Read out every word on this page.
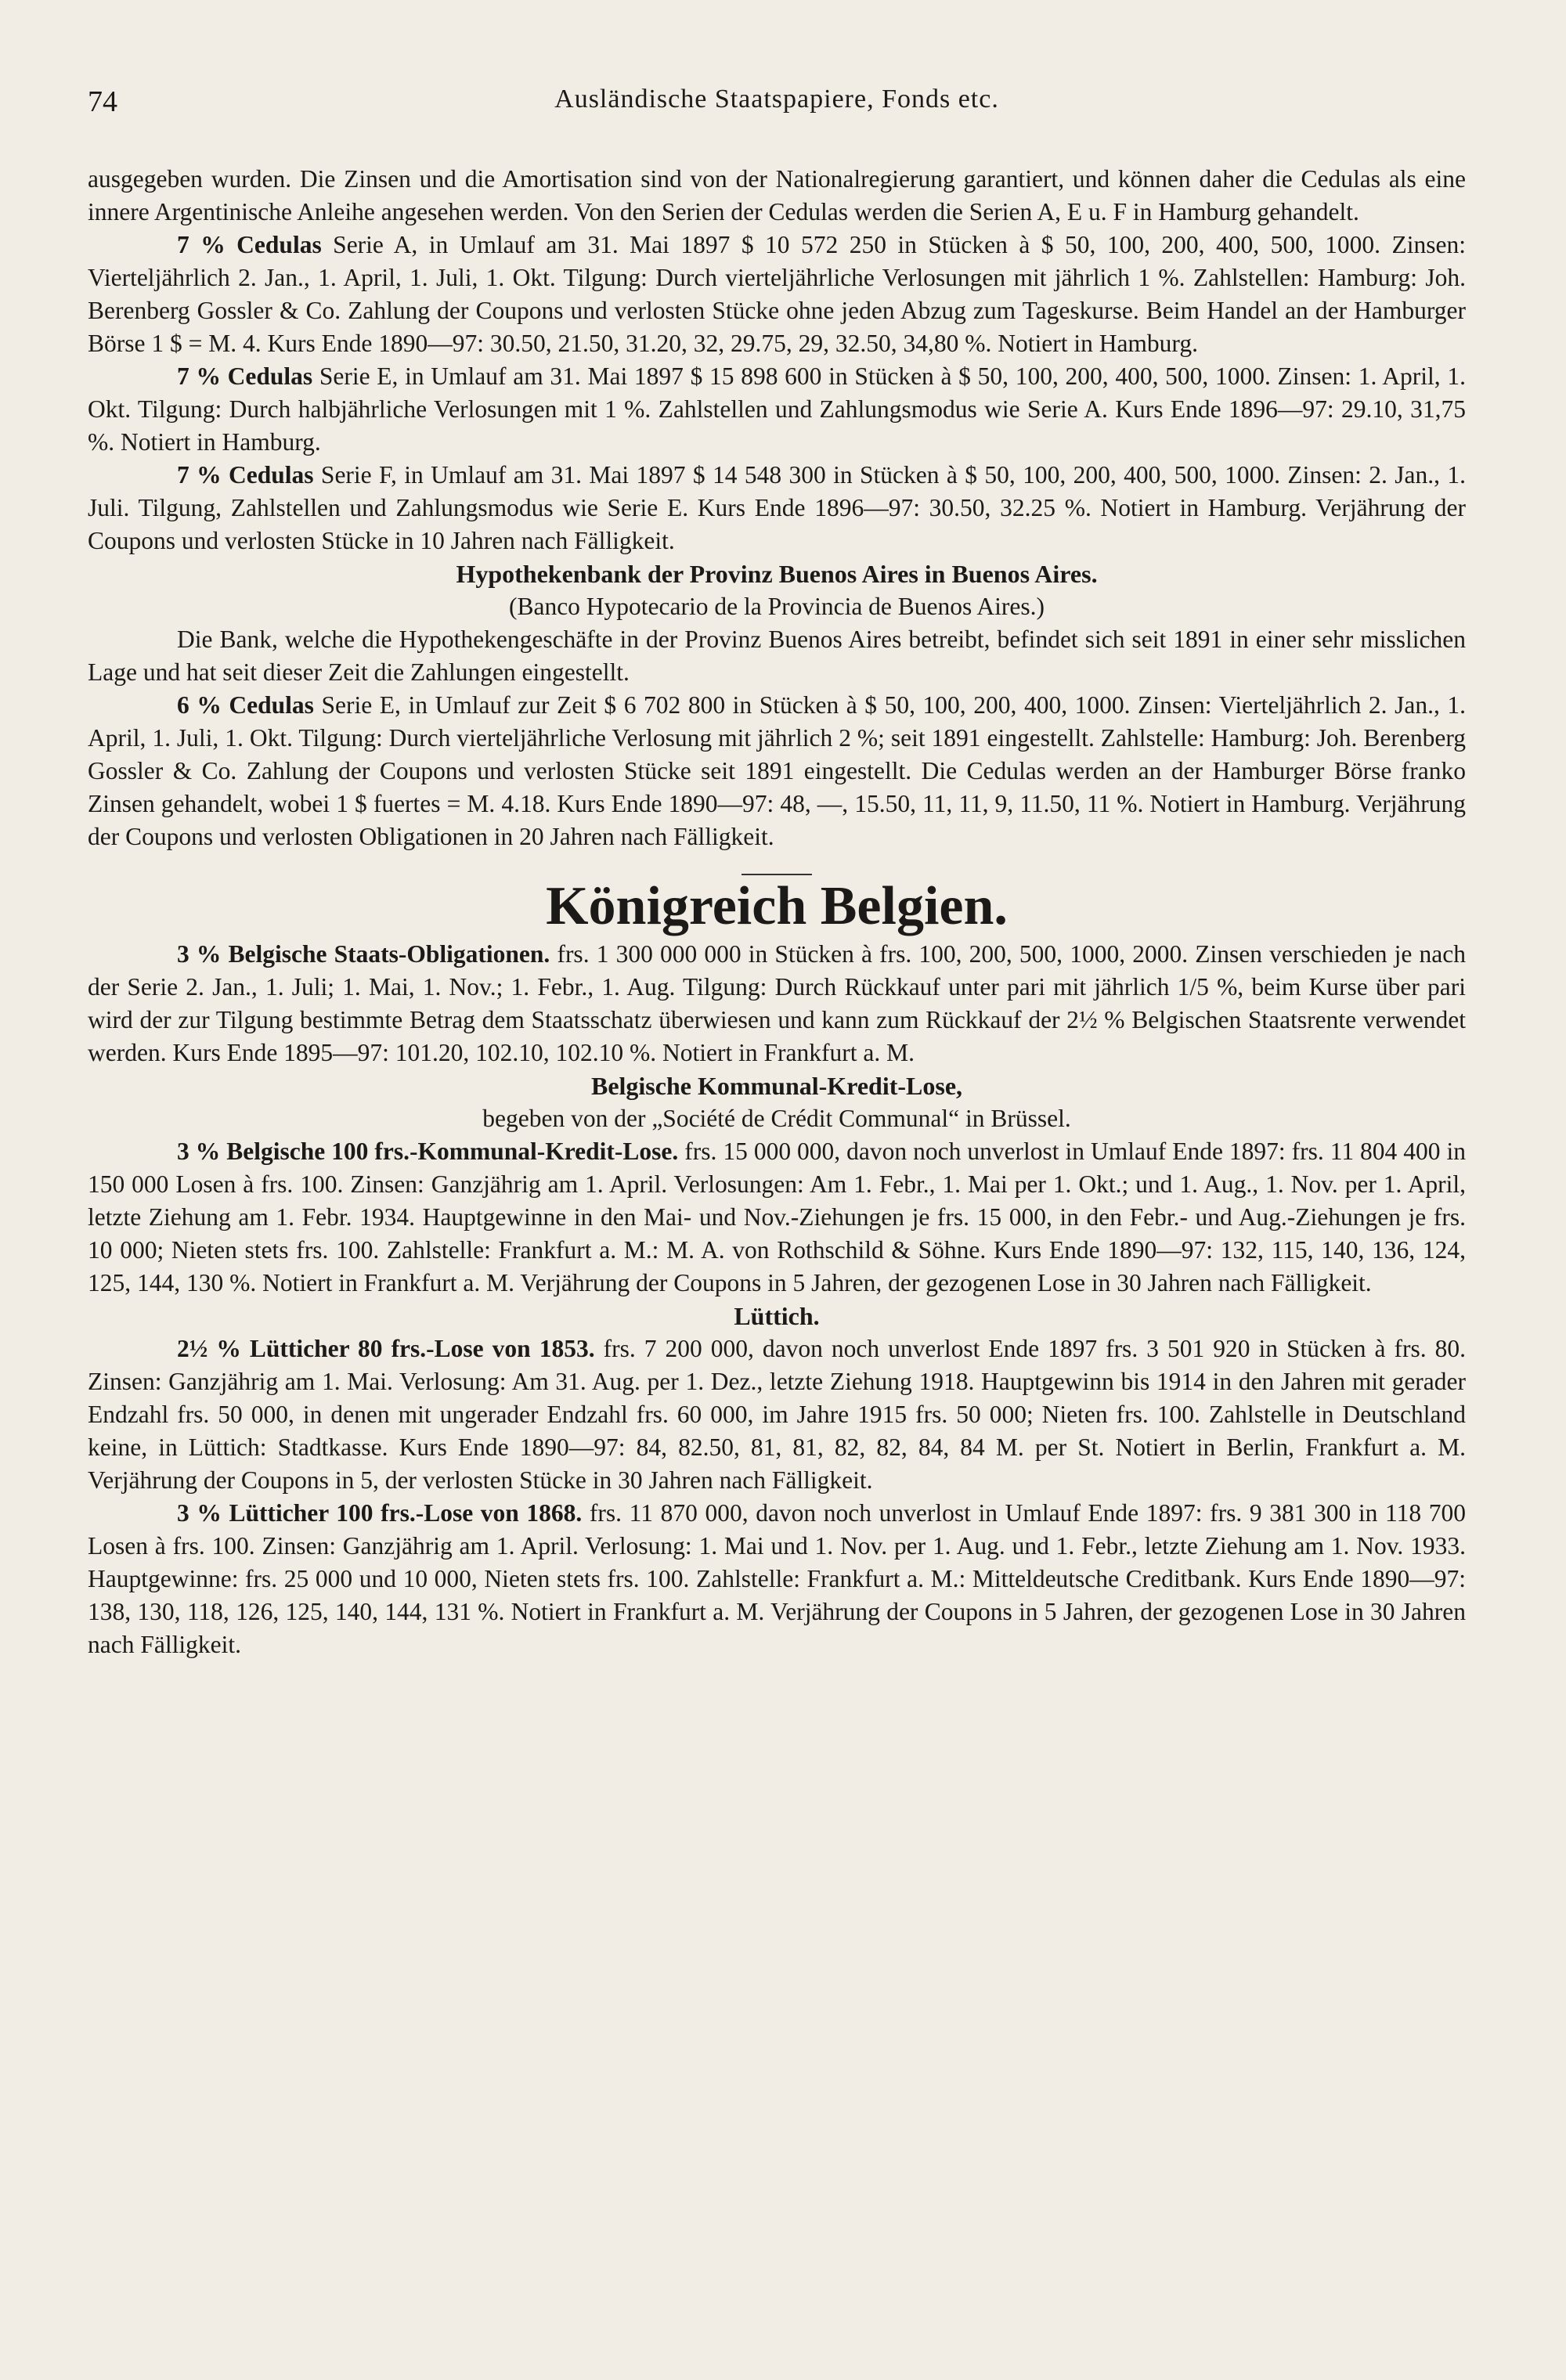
74	Ausländische Staatspapiere, Fonds etc.

ausgegeben wurden. Die Zinsen und die Amortisation sind von der Nationalregierung garantiert, und können daher die Cedulas als eine innere Argentinische Anleihe angesehen werden. Von den Serien der Cedulas werden die Serien A, E u. F in Hamburg gehandelt.

7 % Cedulas Serie A, in Umlauf am 31. Mai 1897 $ 10 572 250 in Stücken à $ 50, 100, 200, 400, 500, 1000. Zinsen: Vierteljährlich 2. Jan., 1. April, 1. Juli, 1. Okt. Tilgung: Durch vierteljährliche Verlosungen mit jährlich 1 %. Zahlstellen: Hamburg: Joh. Berenberg Gossler & Co. Zahlung der Coupons und verlosten Stücke ohne jeden Abzug zum Tageskurse. Beim Handel an der Hamburger Börse 1 $ = M. 4. Kurs Ende 1890—97: 30.50, 21.50, 31.20, 32, 29.75, 29, 32.50, 34,80 %. Notiert in Hamburg.

7 % Cedulas Serie E, in Umlauf am 31. Mai 1897 $ 15 898 600 in Stücken à $ 50, 100, 200, 400, 500, 1000. Zinsen: 1. April, 1. Okt. Tilgung: Durch halbjährliche Verlosungen mit 1 %. Zahlstellen und Zahlungsmodus wie Serie A. Kurs Ende 1896—97: 29.10, 31,75 %. Notiert in Hamburg.

7 % Cedulas Serie F, in Umlauf am 31. Mai 1897 $ 14 548 300 in Stücken à $ 50, 100, 200, 400, 500, 1000. Zinsen: 2. Jan., 1. Juli. Tilgung, Zahlstellen und Zahlungsmodus wie Serie E. Kurs Ende 1896—97: 30.50, 32.25 %. Notiert in Hamburg. Verjährung der Coupons und verlosten Stücke in 10 Jahren nach Fälligkeit.

Hypothekenbank der Provinz Buenos Aires in Buenos Aires.

(Banco Hypotecario de la Provincia de Buenos Aires.)

Die Bank, welche die Hypothekengeschäfte in der Provinz Buenos Aires betreibt, befindet sich seit 1891 in einer sehr misslichen Lage und hat seit dieser Zeit die Zahlungen eingestellt.

6 % Cedulas Serie E, in Umlauf zur Zeit $ 6 702 800 in Stücken à $ 50, 100, 200, 400, 1000. Zinsen: Vierteljährlich 2. Jan., 1. April, 1. Juli, 1. Okt. Tilgung: Durch vierteljährliche Verlosung mit jährlich 2 %; seit 1891 eingestellt. Zahlstelle: Hamburg: Joh. Berenberg Gossler & Co. Zahlung der Coupons und verlosten Stücke seit 1891 eingestellt. Die Cedulas werden an der Hamburger Börse franko Zinsen gehandelt, wobei 1 $ fuertes = M. 4.18. Kurs Ende 1890—97: 48, —, 15.50, 11, 11, 9, 11.50, 11 %. Notiert in Hamburg. Verjährung der Coupons und verlosten Obligationen in 20 Jahren nach Fälligkeit.

Königreich Belgien.

3 % Belgische Staats-Obligationen. frs. 1 300 000 000 in Stücken à frs. 100, 200, 500, 1000, 2000. Zinsen verschieden je nach der Serie 2. Jan., 1. Juli; 1. Mai, 1. Nov.; 1. Febr., 1. Aug. Tilgung: Durch Rückkauf unter pari mit jährlich 1/5 %, beim Kurse über pari wird der zur Tilgung bestimmte Betrag dem Staatsschatz überwiesen und kann zum Rückkauf der 2½ % Belgischen Staatsrente verwendet werden. Kurs Ende 1895—97: 101.20, 102.10, 102.10 %. Notiert in Frankfurt a. M.

Belgische Kommunal-Kredit-Lose,

begeben von der „Société de Crédit Communal“ in Brüssel.

3 % Belgische 100 frs.-Kommunal-Kredit-Lose. frs. 15 000 000, davon noch unverlost in Umlauf Ende 1897: frs. 11 804 400 in 150 000 Losen à frs. 100. Zinsen: Ganzjährig am 1. April. Verlosungen: Am 1. Febr., 1. Mai per 1. Okt.; und 1. Aug., 1. Nov. per 1. April, letzte Ziehung am 1. Febr. 1934. Hauptgewinne in den Mai- und Nov.-Ziehungen je frs. 15 000, in den Febr.- und Aug.-Ziehungen je frs. 10 000; Nieten stets frs. 100. Zahlstelle: Frankfurt a. M.: M. A. von Rothschild & Söhne. Kurs Ende 1890—97: 132, 115, 140, 136, 124, 125, 144, 130 %. Notiert in Frankfurt a. M. Verjährung der Coupons in 5 Jahren, der gezogenen Lose in 30 Jahren nach Fälligkeit.

Lüttich.

2½ % Lütticher 80 frs.-Lose von 1853. frs. 7 200 000, davon noch unverlost Ende 1897 frs. 3 501 920 in Stücken à frs. 80. Zinsen: Ganzjährig am 1. Mai. Verlosung: Am 31. Aug. per 1. Dez., letzte Ziehung 1918. Hauptgewinn bis 1914 in den Jahren mit gerader Endzahl frs. 50 000, in denen mit ungerader Endzahl frs. 60 000, im Jahre 1915 frs. 50 000; Nieten frs. 100. Zahlstelle in Deutschland keine, in Lüttich: Stadtkasse. Kurs Ende 1890—97: 84, 82.50, 81, 81, 82, 82, 84, 84 M. per St. Notiert in Berlin, Frankfurt a. M. Verjährung der Coupons in 5, der verlosten Stücke in 30 Jahren nach Fälligkeit.

3 % Lütticher 100 frs.-Lose von 1868. frs. 11 870 000, davon noch unverlost in Umlauf Ende 1897: frs. 9 381 300 in 118 700 Losen à frs. 100. Zinsen: Ganzjährig am 1. April. Verlosung: 1. Mai und 1. Nov. per 1. Aug. und 1. Febr., letzte Ziehung am 1. Nov. 1933. Hauptgewinne: frs. 25 000 und 10 000, Nieten stets frs. 100. Zahlstelle: Frankfurt a. M.: Mitteldeutsche Creditbank. Kurs Ende 1890—97: 138, 130, 118, 126, 125, 140, 144, 131 %. Notiert in Frankfurt a. M. Verjährung der Coupons in 5 Jahren, der gezogenen Lose in 30 Jahren nach Fälligkeit.
